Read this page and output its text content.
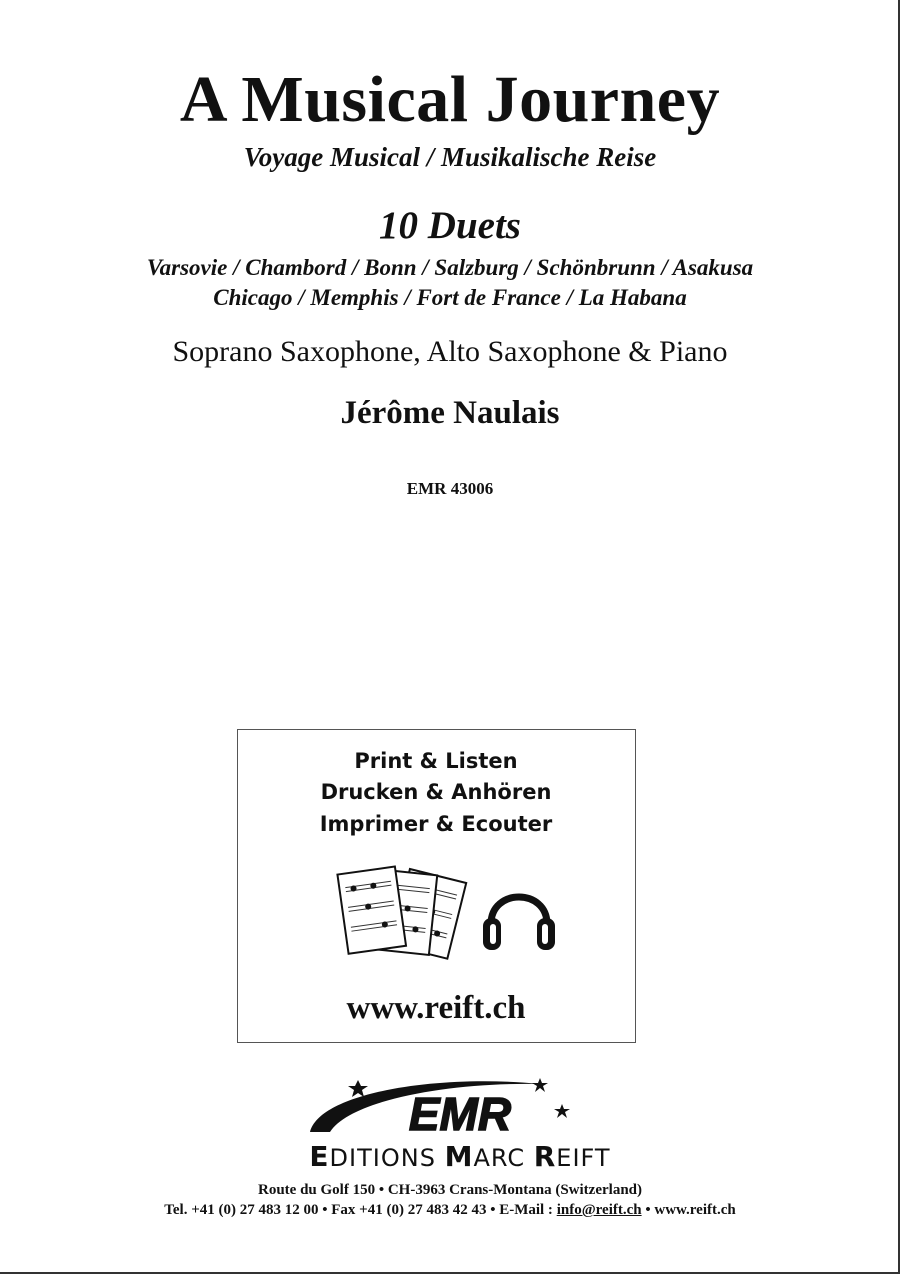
A Musical Journey
Voyage Musical / Musikalische Reise
10 Duets
Varsovie / Chambord / Bonn / Salzburg / Schönbrunn / Asakusa
Chicago / Memphis / Fort de France / La Habana
Soprano Saxophone, Alto Saxophone & Piano
Jérôme Naulais
EMR 43006
Print & Listen
Drucken & Anhören
Imprimer & Ecouter
www.reift.ch
EMR
EDITIONS MARC REIFT
Route du Golf 150 • CH-3963 Crans-Montana (Switzerland)
Tel. +41 (0) 27 483 12 00 • Fax +41 (0) 27 483 42 43 • E-Mail : info@reift.ch • www.reift.ch
